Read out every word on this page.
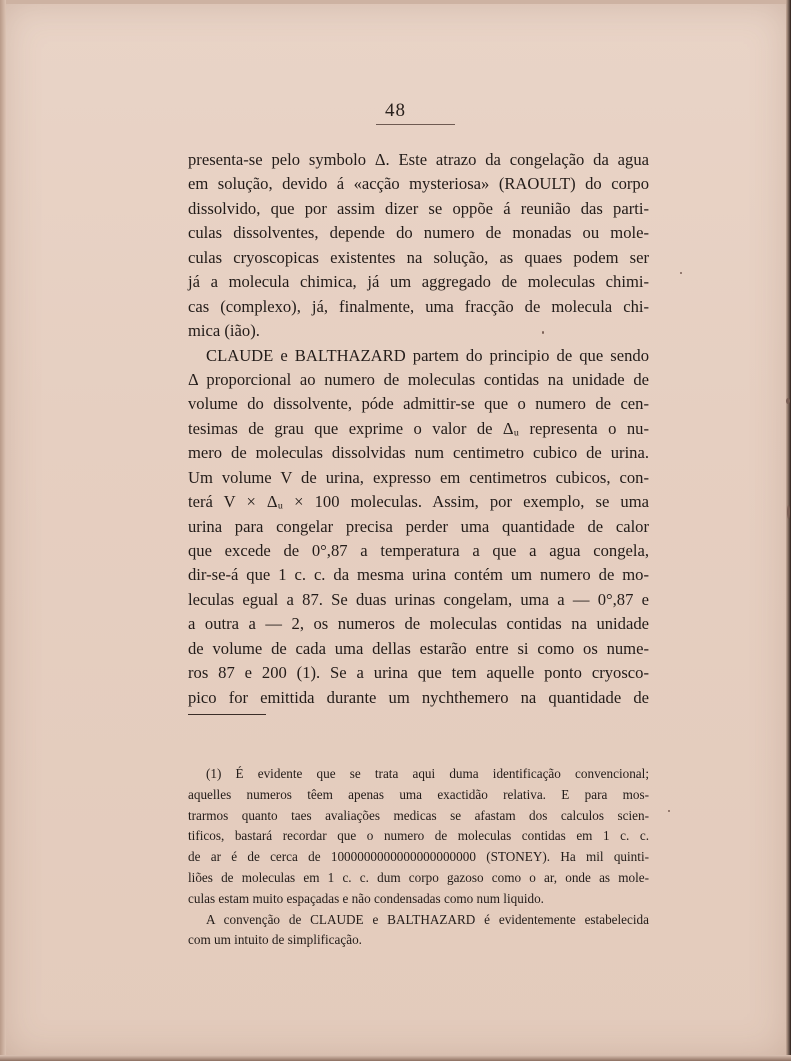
48
presenta-se pelo symbolo Δ. Este atrazo da congelação da agua
em solução, devido á «acção mysteriosa» (RAOULT) do corpo
dissolvido, que por assim dizer se oppõe á reunião das parti-
culas dissolventes, depende do numero de monadas ou mole-
culas cryoscopicas existentes na solução, as quaes podem ser
já a molecula chimica, já um aggregado de moleculas chimi-
cas (complexo), já, finalmente, uma fracção de molecula chi-
mica (ião).
CLAUDE e BALTHAZARD partem do principio de que sendo
Δ proporcional ao numero de moleculas contidas na unidade de
volume do dissolvente, póde admittir-se que o numero de cen-
tesimas de grau que exprime o valor de Δᵤ representa o nu-
mero de moleculas dissolvidas num centimetro cubico de urina.
Um volume V de urina, expresso em centimetros cubicos, con-
terá V × Δᵤ × 100 moleculas. Assim, por exemplo, se uma
urina para congelar precisa perder uma quantidade de calor
que excede de 0°,87 a temperatura a que a agua congela,
dir-se-á que 1 c. c. da mesma urina contém um numero de mo-
leculas egual a 87. Se duas urinas congelam, uma a — 0°,87 e
a outra a — 2, os numeros de moleculas contidas na unidade
de volume de cada uma dellas estarão entre si como os nume-
ros 87 e 200 (1). Se a urina que tem aquelle ponto cryosco-
pico for emittida durante um nychthemero na quantidade de
(1) É evidente que se trata aqui duma identificação convencional;
aquelles numeros têem apenas uma exactidão relativa. E para mos-
trarmos quanto taes avaliações medicas se afastam dos calculos scien-
tificos, bastará recordar que o numero de moleculas contidas em 1 c. c.
de ar é de cerca de 1000000000000000000000 (STONEY). Ha mil quinti-
liões de moleculas em 1 c. c. dum corpo gazoso como o ar, onde as mole-
culas estam muito espaçadas e não condensadas como num liquido.
A convenção de CLAUDE e BALTHAZARD é evidentemente estabelecida
com um intuito de simplificação.
